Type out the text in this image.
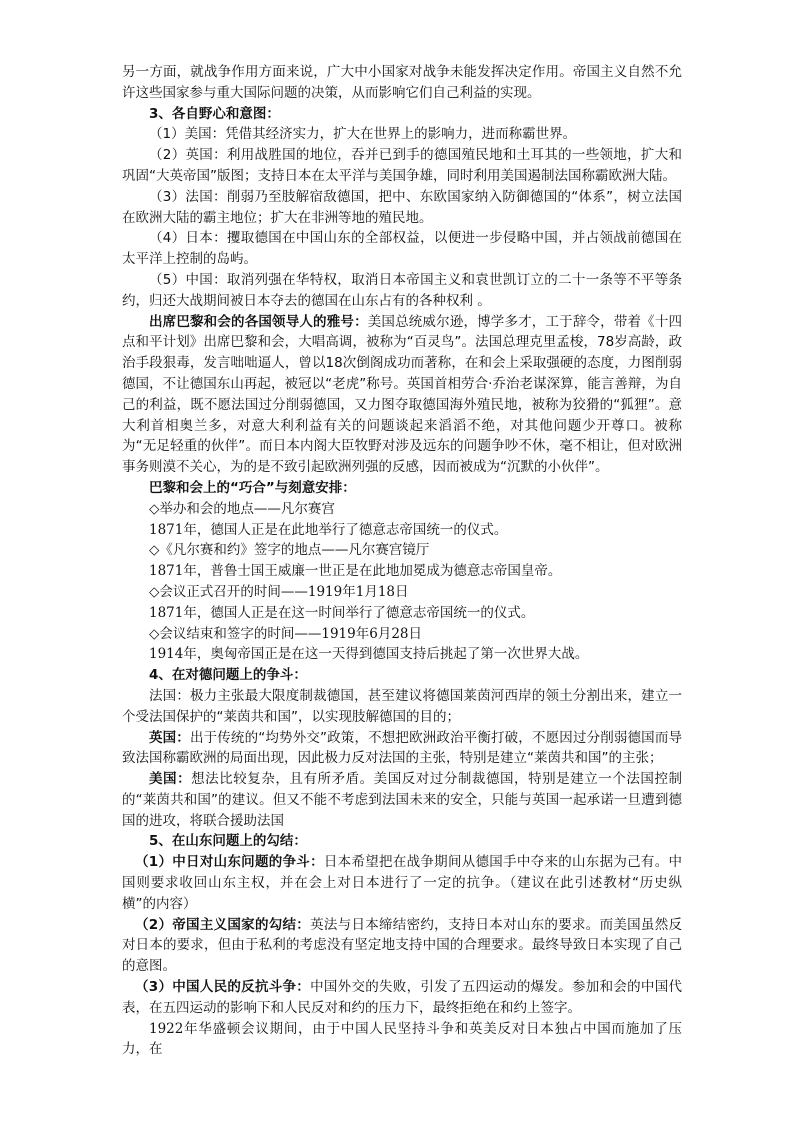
另一方面，就战争作用方面来说，广大中小国家对战争未能发挥决定作用。帝国主义自然不允许这些国家参与重大国际问题的决策，从而影响它们自己利益的实现。

3、各自野心和意图：

（1）美国：凭借其经济实力，扩大在世界上的影响力，进而称霸世界。

（2）英国：利用战胜国的地位，吞并已到手的德国殖民地和土耳其的一些领地，扩大和巩固“大英帝国”版图；支持日本在太平洋与美国争雄，同时利用美国遏制法国称霸欧洲大陆。

（3）法国：削弱乃至肢解宿敌德国，把中、东欧国家纳入防御德国的“体系”，树立法国在欧洲大陆的霸主地位；扩大在非洲等地的殖民地。

（4）日本：攫取德国在中国山东的全部权益，以便进一步侵略中国，并占领战前德国在太平洋上控制的岛屿。

（5）中国：取消列强在华特权，取消日本帝国主义和袁世凯订立的二十一条等不平等条约，归还大战期间被日本夺去的德国在山东占有的各种权利 。

出席巴黎和会的各国领导人的雅号：美国总统威尔逊，博学多才，工于辞令，带着《十四点和平计划》出席巴黎和会，大唱高调，被称为“百灵鸟”。法国总理克里孟梭，78岁高龄，政治手段狠毒，发言咄咄逼人，曾以18次倒阁成功而著称，在和会上采取强硬的态度，力图削弱德国，不让德国东山再起，被冠以“老虎”称号。英国首相劳合·乔治老谋深算，能言善辩，为自己的利益，既不愿法国过分削弱德国，又力图夺取德国海外殖民地，被称为狡猾的“狐狸”。意大利首相奥兰多，对意大利利益有关的问题谈起来滔滔不绝，对其他问题少开尊口。被称为“无足轻重的伙伴”。而日本内阁大臣牧野对涉及远东的问题争吵不休，毫不相让，但对欧洲事务则漠不关心，为的是不致引起欧洲列强的反感，因而被成为“沉默的小伙伴”。

巴黎和会上的“巧合”与刻意安排：

◇举办和会的地点——凡尔赛宫

1871年，德国人正是在此地举行了德意志帝国统一的仪式。

◇《凡尔赛和约》签字的地点——凡尔赛宫镜厅

1871年，普鲁士国王威廉一世正是在此地加冕成为德意志帝国皇帝。

◇会议正式召开的时间——1919年1月18日

1871年，德国人正是在这一时间举行了德意志帝国统一的仪式。

◇会议结束和签字的时间——1919年6月28日

1914年，奥匈帝国正是在这一天得到德国支持后挑起了第一次世界大战。

4、在对德问题上的争斗：

法国：极力主张最大限度制裁德国，甚至建议将德国莱茵河西岸的领土分割出来，建立一个受法国保护的“莱茵共和国”，以实现肢解德国的目的；

英国：出于传统的“均势外交”政策，不想把欧洲政治平衡打破，不愿因过分削弱德国而导致法国称霸欧洲的局面出现，因此极力反对法国的主张，特别是建立“莱茵共和国”的主张；

美国：想法比较复杂，且有所矛盾。美国反对过分制裁德国，特别是建立一个法国控制的“莱茵共和国”的建议。但又不能不考虑到法国未来的安全，只能与英国一起承诺一旦遭到德国的进攻，将联合援助法国

5、在山东问题上的勾结：

（1）中日对山东问题的争斗：日本希望把在战争期间从德国手中夺来的山东据为己有。中国则要求收回山东主权，并在会上对日本进行了一定的抗争。（建议在此引述教材“历史纵横”的内容）

（2）帝国主义国家的勾结：英法与日本缔结密约，支持日本对山东的要求。而美国虽然反对日本的要求，但由于私利的考虑没有坚定地支持中国的合理要求。最终导致日本实现了自己的意图。

（3）中国人民的反抗斗争：中国外交的失败，引发了五四运动的爆发。参加和会的中国代表，在五四运动的影响下和人民反对和约的压力下，最终拒绝在和约上签字。

1922年华盛顿会议期间，由于中国人民坚持斗争和英美反对日本独占中国而施加了压力，在
